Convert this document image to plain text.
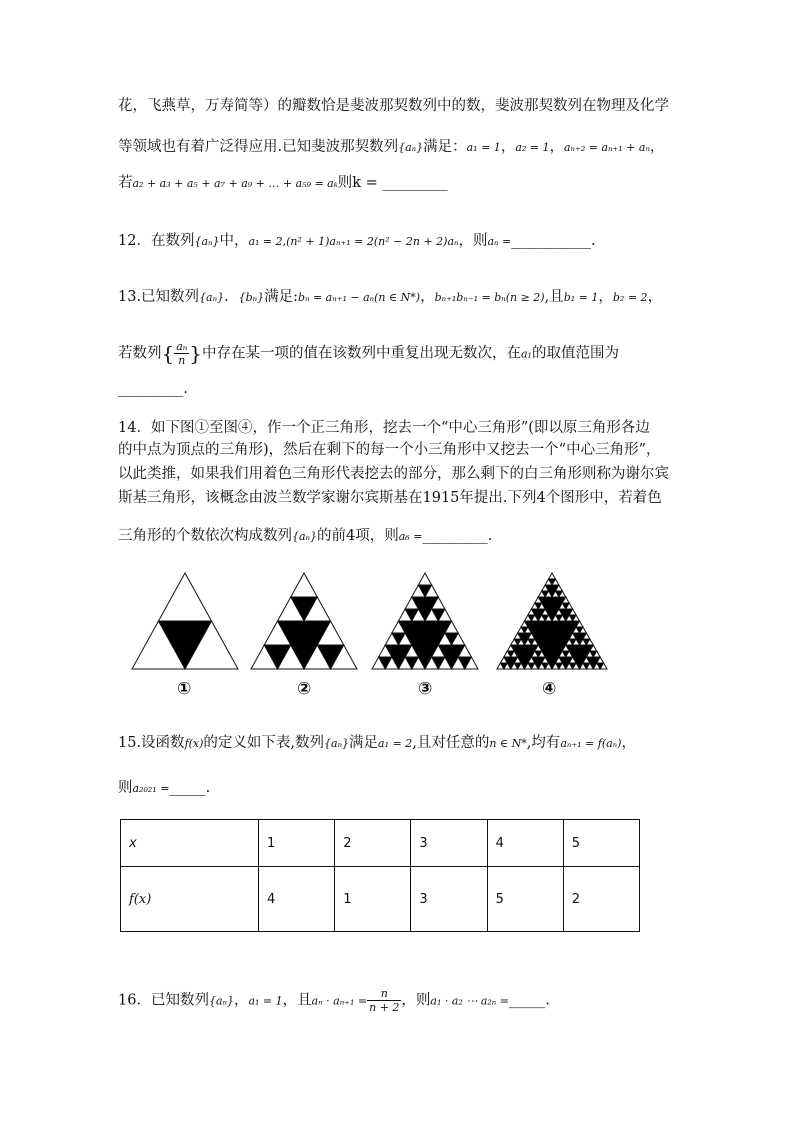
花，飞燕草，万寿简等）的瓣数恰是斐波那契数列中的数，斐波那契数列在物理及化学
等领域也有着广泛得应用.已知斐波那契数列{aₙ}满足：a₁ = 1，a₂ = 1，aₙ₊₂ = aₙ₊₁ + aₙ，
若a₂ + a₃ + a₅ + a₇ + a₉ + … + a₅₉ = aₖ则k = _________
12．在数列{aₙ}中，a₁ = 2,(n² + 1)aₙ₊₁ = 2(n² − 2n + 2)aₙ，则aₙ =___________.
13.已知数列{aₙ}．{bₙ}满足:bₙ = aₙ₊₁ − aₙ(n ∈ N*)，bₙ₊₁bₙ₋₁ = bₙ(n ≥ 2),且b₁ = 1，b₂ = 2，
若数列{ $\frac{\text{aₙ}}{n}$ }中存在某一项的值在该数列中重复出现无数次，在a₁的取值范围为
_________.
14．如下图①至图④，作一个正三角形，挖去一个“中心三角形”(即以原三角形各边
的中点为顶点的三角形)，然后在剩下的每一个小三角形中又挖去一个“中心三角形”，
以此类推，如果我们用着色三角形代表挖去的部分，那么剩下的白三角形则称为谢尔宾
斯基三角形，该概念由波兰数学家谢尔宾斯基在1915年提出.下列4个图形中，若着色
三角形的个数依次构成数列{aₙ}的前4项，则a₆ =_________.
①	②	③	④
15.设函数f(x)的定义如下表,数列{aₙ}满足a₁ = 2,且对任意的n ∈ N*,均有aₙ₊₁ = f(aₙ)，
则a₂₀₂₁ =_____.
x	1	2	3	4	5
f(x)	4	1	3	5	2
16．已知数列{aₙ}，a₁ = 1，且$a_n \cdot a_{n+1} = \frac{n}{n + 2}$ ，则a₁ · a₂ ⋯ a₂ₙ =_____.
